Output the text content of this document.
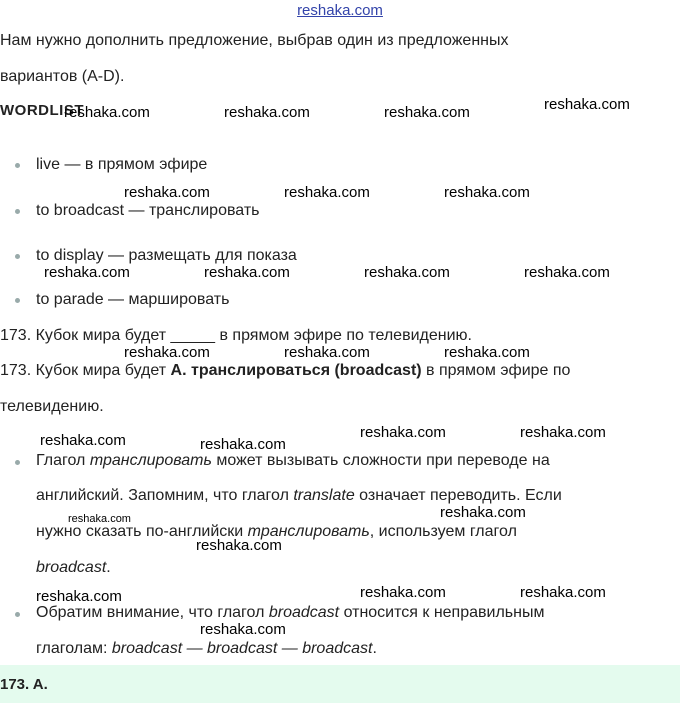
reshaka.com
Нам нужно дополнить предложение, выбрав один из предложенных
вариантов (A-D).
WORDLIST
live — в прямом эфире
to broadcast — транслировать
to display — размещать для показа
to parade — маршировать
173. Кубок мира будет _____ в прямом эфире по телевидению.
173. Кубок мира будет A. транслироваться (broadcast) в прямом эфире по
телевидению.
Глагол транслировать может вызывать сложности при переводе на
английский. Запомним, что глагол translate означает переводить. Если
нужно сказать по-английски транслировать, используем глагол
broadcast.
Обратим внимание, что глагол broadcast относится к неправильным
глаголам: broadcast — broadcast — broadcast.
173. A.
reshaka.com	reshaka.com	reshaka.com	reshaka.com
reshaka.com	reshaka.com	reshaka.com
reshaka.com	reshaka.com	reshaka.com	reshaka.com
reshaka.com	reshaka.com	reshaka.com
reshaka.com	reshaka.com
reshaka.com	reshaka.com
reshaka.com	reshaka.com
reshaka.com
reshaka.com	reshaka.com	reshaka.com
reshaka.com
